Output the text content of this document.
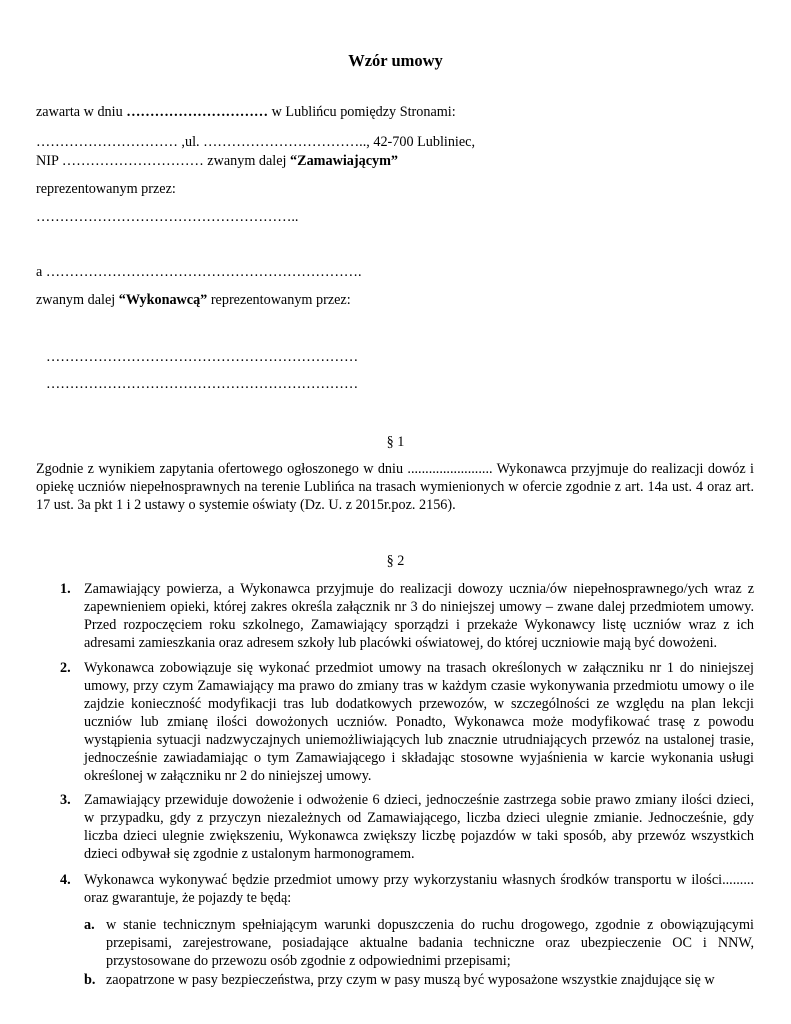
Wzór umowy
zawarta w dniu ………………………… w Lublińcu pomiędzy Stronami:
………………………… ,ul. …………………………….., 42-700 Lubliniec,
NIP ………………………… zwanym dalej “Zamawiającym”
reprezentowanym przez:
………………………………………………..
a ………………………………………………………….
zwanym dalej “Wykonawcą” reprezentowanym przez:
…………………………………………………………
…………………………………………………………
§ 1
Zgodnie z wynikiem zapytania ofertowego ogłoszonego w dniu ........................ Wykonawca przyjmuje do realizacji dowóz i opiekę uczniów niepełnosprawnych na terenie Lublińca na trasach wymienionych w ofercie zgodnie z art. 14a ust. 4 oraz art. 17 ust. 3a pkt 1 i 2 ustawy o systemie oświaty (Dz. U. z 2015r.poz. 2156).
§ 2
1. Zamawiający powierza, a Wykonawca przyjmuje do realizacji dowozy ucznia/ów niepełnosprawnego/ych wraz z zapewnieniem opieki, której zakres określa załącznik nr 3 do niniejszej umowy – zwane dalej przedmiotem umowy. Przed rozpoczęciem roku szkolnego, Zamawiający sporządzi i przekaże Wykonawcy listę uczniów wraz z ich adresami zamieszkania oraz adresem szkoły lub placówki oświatowej, do której uczniowie mają być dowożeni.
2. Wykonawca zobowiązuje się wykonać przedmiot umowy na trasach określonych w załączniku nr 1 do niniejszej umowy, przy czym Zamawiający ma prawo do zmiany tras w każdym czasie wykonywania przedmiotu umowy o ile zajdzie konieczność modyfikacji tras lub dodatkowych przewozów, w szczególności ze względu na plan lekcji uczniów lub zmianę ilości dowożonych uczniów. Ponadto, Wykonawca może modyfikować trasę z powodu wystąpienia sytuacji nadzwyczajnych uniemożliwiających lub znacznie utrudniających przewóz na ustalonej trasie, jednocześnie zawiadamiając o tym Zamawiającego i składając stosowne wyjaśnienia w karcie wykonania usługi określonej w załączniku nr 2 do niniejszej umowy.
3. Zamawiający przewiduje dowożenie i odwożenie 6 dzieci, jednocześnie zastrzega sobie prawo zmiany ilości dzieci, w przypadku, gdy z przyczyn niezależnych od Zamawiającego, liczba dzieci ulegnie zmianie. Jednocześnie, gdy liczba dzieci ulegnie zwiększeniu, Wykonawca zwiększy liczbę pojazdów w taki sposób, aby przewóz wszystkich dzieci odbywał się zgodnie z ustalonym harmonogramem.
4. Wykonawca wykonywać będzie przedmiot umowy przy wykorzystaniu własnych środków transportu w ilości......... oraz gwarantuje, że pojazdy te będą:
a. w stanie technicznym spełniającym warunki dopuszczenia do ruchu drogowego, zgodnie z obowiązującymi przepisami, zarejestrowane, posiadające aktualne badania techniczne oraz ubezpieczenie OC i NNW, przystosowane do przewozu osób zgodnie z odpowiednimi przepisami;
b. zaopatrzone w pasy bezpieczeństwa, przy czym w pasy muszą być wyposażone wszystkie znajdujące się w
